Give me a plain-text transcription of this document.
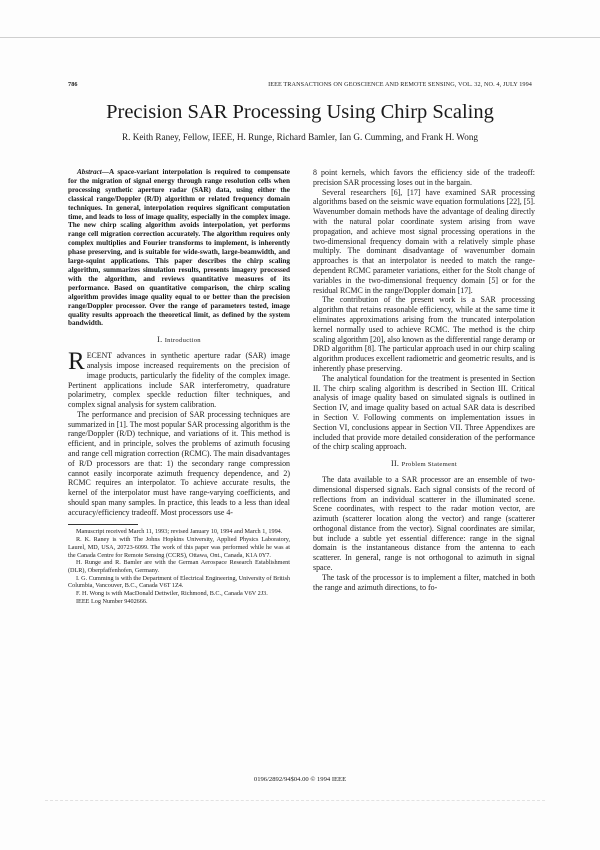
786	IEEE TRANSACTIONS ON GEOSCIENCE AND REMOTE SENSING, VOL. 32, NO. 4, JULY 1994
Precision SAR Processing Using Chirp Scaling
R. Keith Raney, Fellow, IEEE, H. Runge, Richard Bamler, Ian G. Cumming, and Frank H. Wong

Abstract—A space-variant interpolation is required to compensate for the migration of signal energy through range resolution cells when processing synthetic aperture radar (SAR) data, using either the classical range/Doppler (R/D) algorithm or related frequency domain techniques. In general, interpolation requires significant computation time, and leads to loss of image quality, especially in the complex image. The new chirp scaling algorithm avoids interpolation, yet performs range cell migration correction accurately. The algorithm requires only complex multiplies and Fourier transforms to implement, is inherently phase preserving, and is suitable for wide-swath, large-beamwidth, and large-squint applications. This paper describes the chirp scaling algorithm, summarizes simulation results, presents imagery processed with the algorithm, and reviews quantitative measures of its performance. Based on quantitative comparison, the chirp scaling algorithm provides image quality equal to or better than the precision range/Doppler processor. Over the range of parameters tested, image quality results approach the theoretical limit, as defined by the system bandwidth.

I. Introduction

RECENT advances in synthetic aperture radar (SAR) image analysis impose increased requirements on the precision of image products, particularly the fidelity of the complex image. Pertinent applications include SAR interferometry, quadrature polarimetry, complex speckle reduction filter techniques, and complex signal analysis for system calibration.

The performance and precision of SAR processing techniques are summarized in [1]. The most popular SAR processing algorithm is the range/Doppler (R/D) technique, and variations of it. This method is efficient, and in principle, solves the problems of azimuth focusing and range cell migration correction (RCMC). The main disadvantages of R/D processors are that: 1) the secondary range compression cannot easily incorporate azimuth frequency dependence, and 2) RCMC requires an interpolator. To achieve accurate results, the kernel of the interpolator must have range-varying coefficients, and should span many samples. In practice, this leads to a less than ideal accuracy/efficiency tradeoff. Most processors use 4-

Manuscript received March 11, 1993; revised January 10, 1994 and March 1, 1994.

R. K. Raney is with The Johns Hopkins University, Applied Physics Laboratory, Laurel, MD, USA, 20723-6099. The work of this paper was performed while he was at the Canada Centre for Remote Sensing (CCRS), Ottawa, Ont., Canada, K1A 0Y7.

H. Runge and R. Bamler are with the German Aerospace Research Establishment (DLR), Oberpfaffenhofen, Germany.

I. G. Cumming is with the Department of Electrical Engineering, University of British Columbia, Vancouver, B.C., Canada V6T 1Z4.

F. H. Wong is with MacDonald Dettwiler, Richmond, B.C., Canada V6V 2J3.

IEEE Log Number 9402666.

8 point kernels, which favors the efficiency side of the tradeoff: precision SAR processing loses out in the bargain.

Several researchers [6], [17] have examined SAR processing algorithms based on the seismic wave equation formulations [22], [5]. Wavenumber domain methods have the advantage of dealing directly with the natural polar coordinate system arising from wave propagation, and achieve most signal processing operations in the two-dimensional frequency domain with a relatively simple phase multiply. The dominant disadvantage of wavenumber domain approaches is that an interpolator is needed to match the range-dependent RCMC parameter variations, either for the Stolt change of variables in the two-dimensional frequency domain [5] or for the residual RCMC in the range/Doppler domain [17].

The contribution of the present work is a SAR processing algorithm that retains reasonable efficiency, while at the same time it eliminates approximations arising from the truncated interpolation kernel normally used to achieve RCMC. The method is the chirp scaling algorithm [20], also known as the differential range deramp or DRD algorithm [8]. The particular approach used in our chirp scaling algorithm produces excellent radiometric and geometric results, and is inherently phase preserving.

The analytical foundation for the treatment is presented in Section II. The chirp scaling algorithm is described in Section III. Critical analysis of image quality based on simulated signals is outlined in Section IV, and image quality based on actual SAR data is described in Section V. Following comments on implementation issues in Section VI, conclusions appear in Section VII. Three Appendixes are included that provide more detailed consideration of the performance of the chirp scaling approach.

II. Problem Statement

The data available to a SAR processor are an ensemble of two-dimensional dispersed signals. Each signal consists of the record of reflections from an individual scatterer in the illuminated scene. Scene coordinates, with respect to the radar motion vector, are azimuth (scatterer location along the vector) and range (scatterer orthogonal distance from the vector). Signal coordinates are similar, but include a subtle yet essential difference: range in the signal domain is the instantaneous distance from the antenna to each scatterer. In general, range is not orthogonal to azimuth in signal space.

The task of the processor is to implement a filter, matched in both the range and azimuth directions, to fo-

0196/2892/94$04.00 © 1994 IEEE
